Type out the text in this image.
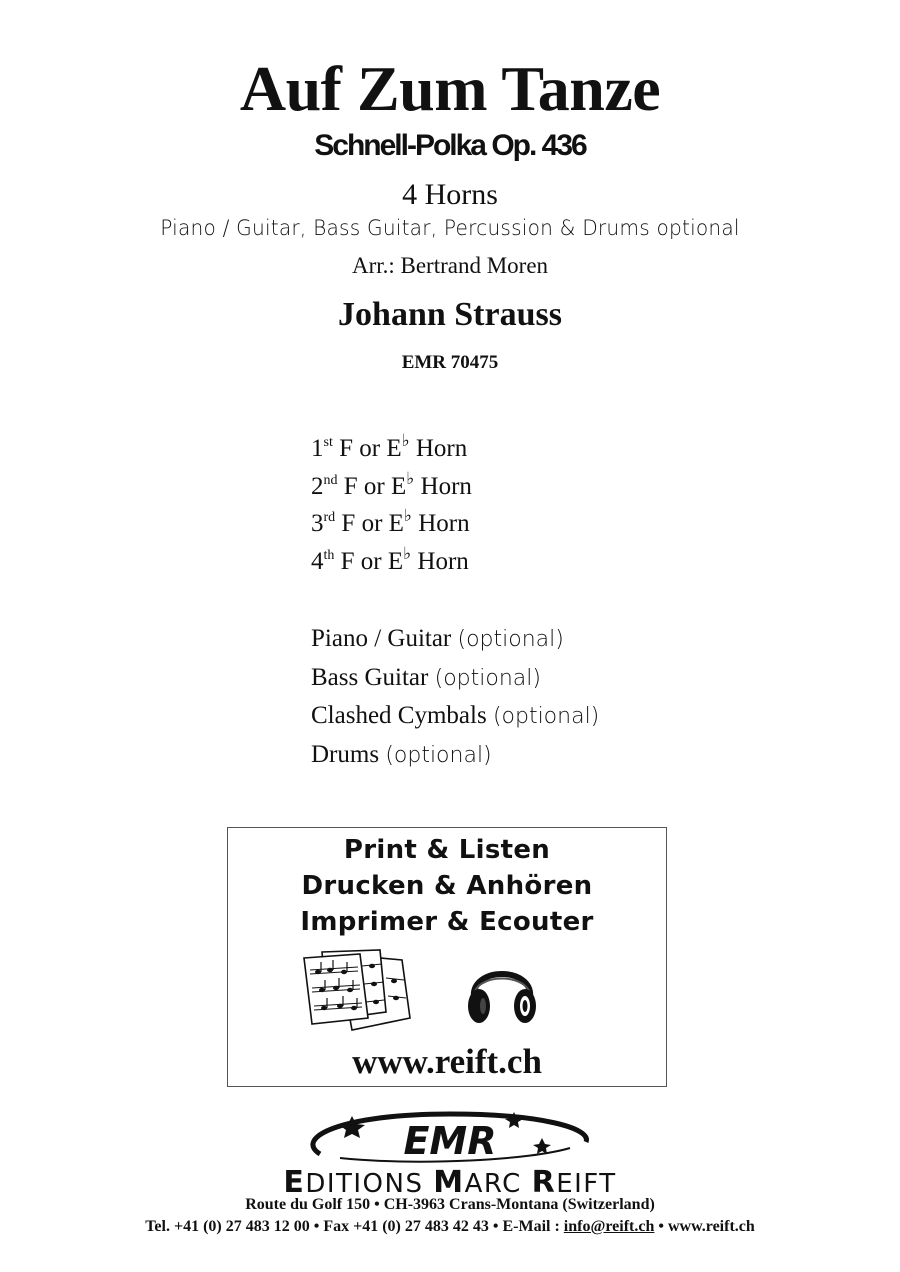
Auf Zum Tanze
Schnell-Polka Op. 436
4 Horns
Piano / Guitar, Bass Guitar, Percussion & Drums optional
Arr.: Bertrand Moren
Johann Strauss
EMR 70475
1st F or E♭ Horn
2nd F or E♭ Horn
3rd F or E♭ Horn
4th F or E♭ Horn
Piano / Guitar (optional)
Bass Guitar (optional)
Clashed Cymbals (optional)
Drums (optional)
Print & Listen
Drucken & Anhören
Imprimer & Ecouter
www.reift.ch
EMR
EDITIONS MARC REIFT
Route du Golf 150 • CH-3963 Crans-Montana (Switzerland)
Tel. +41 (0) 27 483 12 00 • Fax +41 (0) 27 483 42 43 • E-Mail : info@reift.ch • www.reift.ch
